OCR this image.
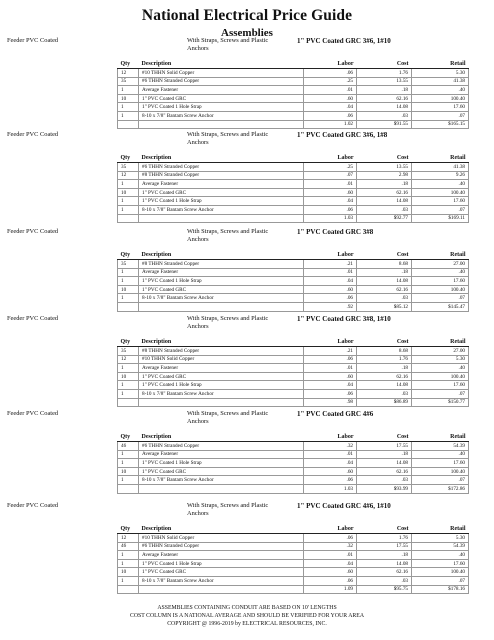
National Electrical Price Guide
Assemblies
Feeder PVC Coated	With Straps, Screws and Plastic Anchors
1" PVC Coated GRC 3#6, 1#10
Qty	Description	Labor	Cost	Retail
12	#10 THHN Solid Copper	.06	1.76	5.30
35	#6 THHN Stranded Copper	.25	13.55	41.38
1	Average Fastener	.01	.18	.40
10	1" PVC Coated GRC	.60	62.16	100.40
1	1" PVC Coated 1 Hole Strap	.04	14.08	17.60
1	8-10 x 7/8" Bantam Screw Anchor	.06	.03	.07
		1.02	$91.55	$165.15
Feeder PVC Coated	With Straps, Screws and Plastic Anchors
1" PVC Coated GRC 3#6, 1#8
Qty	Description	Labor	Cost	Retail
35	#6 THHN Stranded Copper	.25	13.55	41.38
12	#8 THHN Stranded Copper	.07	2.98	9.26
1	Average Fastener	.01	.18	.40
10	1" PVC Coated GRC	.60	62.16	100.40
1	1" PVC Coated 1 Hole Strap	.04	14.08	17.60
1	8-10 x 7/8" Bantam Screw Anchor	.06	.03	.07
		1.03	$92.77	$169.11
Feeder PVC Coated	With Straps, Screws and Plastic Anchors
1" PVC Coated GRC 3#8
Qty	Description	Labor	Cost	Retail
35	#8 THHN Stranded Copper	.21	8.68	27.00
1	Average Fastener	.01	.18	.40
1	1" PVC Coated 1 Hole Strap	.04	14.08	17.60
10	1" PVC Coated GRC	.60	62.16	100.40
1	8-10 x 7/8" Bantam Screw Anchor	.06	.03	.07
		.92	$85.12	$145.47
Feeder PVC Coated	With Straps, Screws and Plastic Anchors
1" PVC Coated GRC 3#8, 1#10
Qty	Description	Labor	Cost	Retail
35	#8 THHN Stranded Copper	.21	8.68	27.00
12	#10 THHN Solid Copper	.06	1.76	5.30
1	Average Fastener	.01	.18	.40
10	1" PVC Coated GRC	.60	62.16	100.40
1	1" PVC Coated 1 Hole Strap	.04	14.08	17.60
1	8-10 x 7/8" Bantam Screw Anchor	.06	.03	.07
		.98	$86.89	$150.77
Feeder PVC Coated	With Straps, Screws and Plastic Anchors
1" PVC Coated GRC 4#6
Qty	Description	Labor	Cost	Retail
46	#6 THHN Stranded Copper	.32	17.55	54.39
1	Average Fastener	.01	.18	.40
1	1" PVC Coated 1 Hole Strap	.04	14.08	17.60
10	1" PVC Coated GRC	.60	62.16	100.40
1	8-10 x 7/8" Bantam Screw Anchor	.06	.03	.07
		1.03	$93.99	$172.86
Feeder PVC Coated	With Straps, Screws and Plastic Anchors
1" PVC Coated GRC 4#6, 1#10
Qty	Description	Labor	Cost	Retail
12	#10 THHN Solid Copper	.06	1.76	5.30
46	#6 THHN Stranded Copper	.32	17.55	54.39
1	Average Fastener	.01	.18	.40
1	1" PVC Coated 1 Hole Strap	.04	14.08	17.60
10	1" PVC Coated GRC	.60	62.16	100.40
1	8-10 x 7/8" Bantam Screw Anchor	.06	.03	.07
		1.09	$95.75	$178.16
ASSEMBLIES CONTAINING CONDUIT ARE BASED ON 10' LENGTHS
COST COLUMN IS A NATIONAL AVERAGE AND SHOULD BE VERIFIED FOR YOUR AREA
COPYRIGHT @ 1996-2019 by ELECTRICAL RESOURCES, INC.
